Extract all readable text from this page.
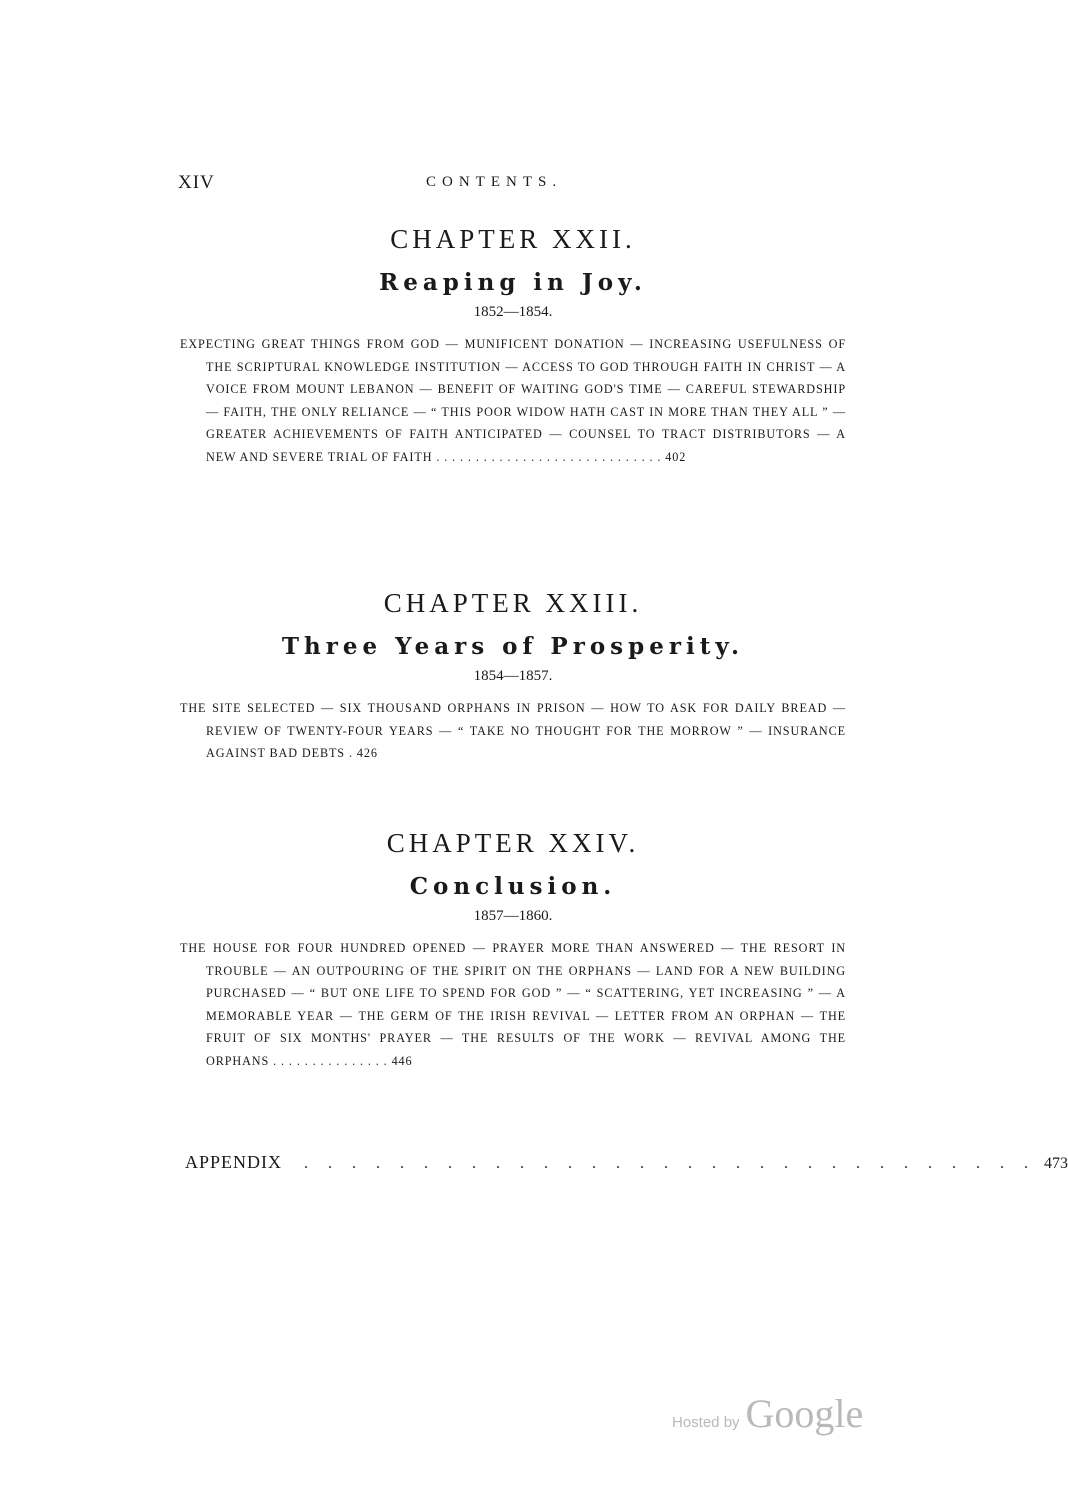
XIV	CONTENTS.
CHAPTER XXII.

Reaping in Joy.

1852—1854.

EXPECTING GREAT THINGS FROM GOD — MUNIFICENT DONATION — INCREASING USEFULNESS OF THE SCRIPTURAL KNOWLEDGE INSTITUTION — ACCESS TO GOD THROUGH FAITH IN CHRIST — A VOICE FROM MOUNT LEBANON — BENEFIT OF WAITING GOD'S TIME — CAREFUL STEWARDSHIP — FAITH, THE ONLY RELIANCE — “ THIS POOR WIDOW HATH CAST IN MORE THAN THEY ALL ” — GREATER ACHIEVEMENTS OF FAITH ANTICIPATED — COUNSEL TO TRACT DISTRIBUTORS — A NEW AND SEVERE TRIAL OF FAITH . . . . . . . . . . . . . . . . . . . . . . . . . . . . . 402

CHAPTER XXIII.

Three Years of Prosperity.

1854—1857.

THE SITE SELECTED — SIX THOUSAND ORPHANS IN PRISON — HOW TO ASK FOR DAILY BREAD — REVIEW OF TWENTY-FOUR YEARS — “ TAKE NO THOUGHT FOR THE MORROW ” — INSURANCE AGAINST BAD DEBTS . 426

CHAPTER XXIV.

Conclusion.

1857—1860.

THE HOUSE FOR FOUR HUNDRED OPENED — PRAYER MORE THAN ANSWERED — THE RESORT IN TROUBLE — AN OUTPOURING OF THE SPIRIT ON THE ORPHANS — LAND FOR A NEW BUILDING PURCHASED — “ BUT ONE LIFE TO SPEND FOR GOD ” — “ SCATTERING, YET INCREASING ” — A MEMORABLE YEAR — THE GERM OF THE IRISH REVIVAL — LETTER FROM AN ORPHAN — THE FRUIT OF SIX MONTHS' PRAYER — THE RESULTS OF THE WORK — REVIVAL AMONG THE ORPHANS . . . . . . . . . . . . . . . 446

APPENDIX	. . . . . . . . . . . . . . . . . . . . . . . . . . . . . . . 473
Hosted by Google
